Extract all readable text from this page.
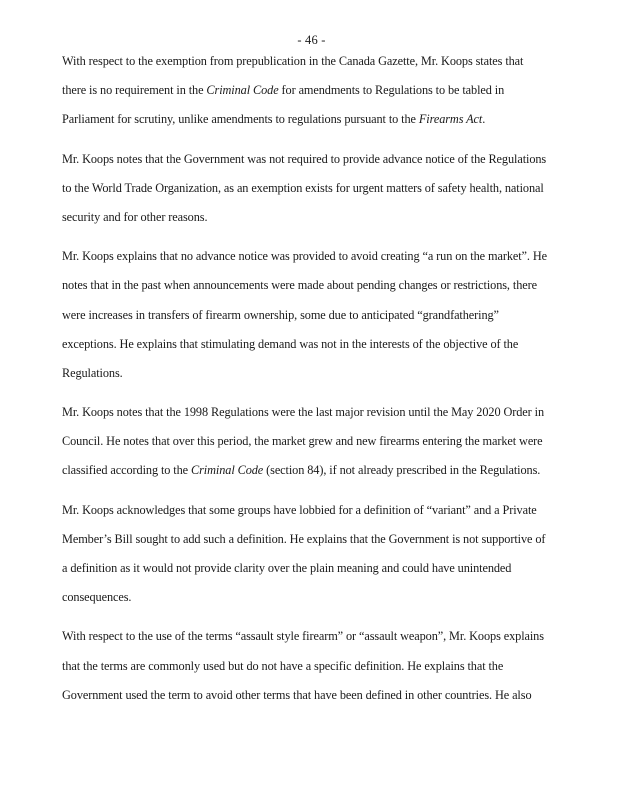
- 46 -
With respect to the exemption from prepublication in the Canada Gazette, Mr. Koops states that
there is no requirement in the Criminal Code for amendments to Regulations to be tabled in
Parliament for scrutiny, unlike amendments to regulations pursuant to the Firearms Act.
Mr. Koops notes that the Government was not required to provide advance notice of the Regulations
to the World Trade Organization, as an exemption exists for urgent matters of safety health, national
security and for other reasons.
Mr. Koops explains that no advance notice was provided to avoid creating “a run on the market”. He
notes that in the past when announcements were made about pending changes or restrictions, there
were increases in transfers of firearm ownership, some due to anticipated “grandfathering”
exceptions. He explains that stimulating demand was not in the interests of the objective of the
Regulations.
Mr. Koops notes that the 1998 Regulations were the last major revision until the May 2020 Order in
Council. He notes that over this period, the market grew and new firearms entering the market were
classified according to the Criminal Code (section 84), if not already prescribed in the Regulations.
Mr. Koops acknowledges that some groups have lobbied for a definition of “variant” and a Private
Member’s Bill sought to add such a definition. He explains that the Government is not supportive of
a definition as it would not provide clarity over the plain meaning and could have unintended
consequences.
With respect to the use of the terms “assault style firearm” or “assault weapon”, Mr. Koops explains
that the terms are commonly used but do not have a specific definition. He explains that the
Government used the term to avoid other terms that have been defined in other countries. He also
